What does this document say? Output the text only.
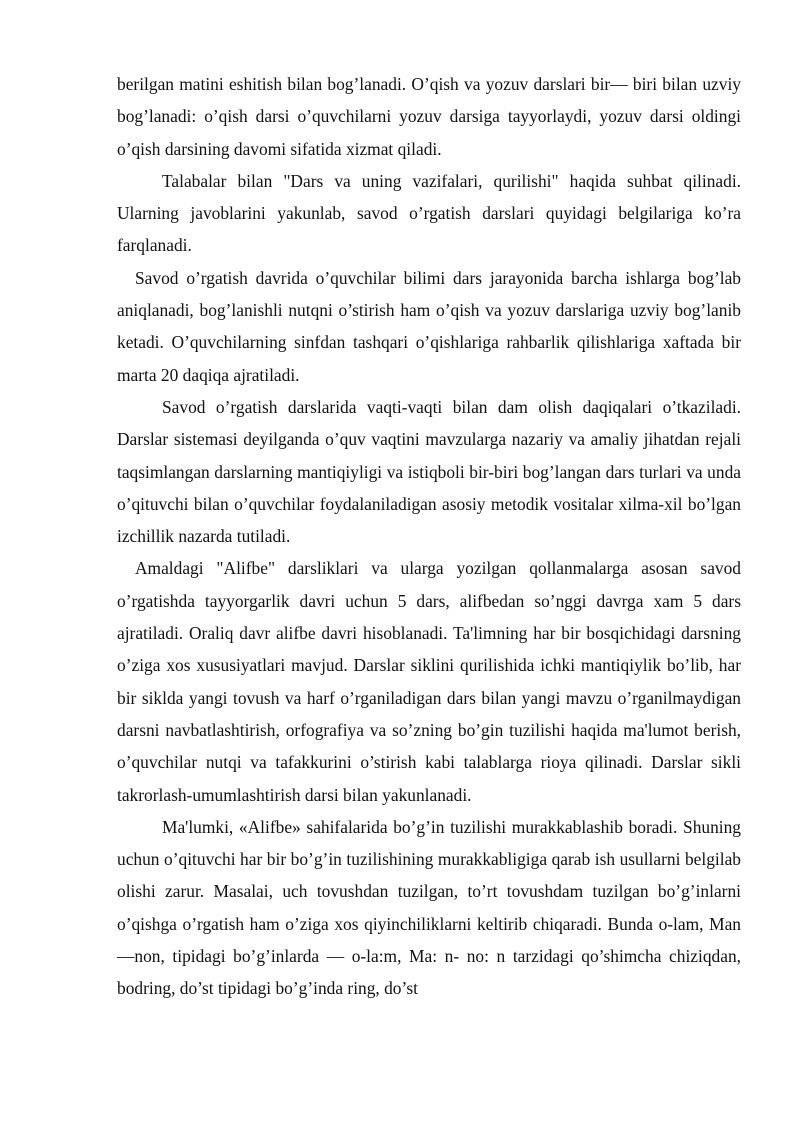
berilgan matini eshitish bilan bog’lanadi. O’qish va yozuv darslari bir— biri bilan uzviy bog’lanadi: o’qish darsi o’quvchilarni yozuv darsiga tayyorlaydi, yozuv darsi oldingi o’qish darsining davomi sifatida xizmat qiladi.

Talabalar bilan "Dars va uning vazifalari, qurilishi" haqida suhbat qilinadi. Ularning javoblarini yakunlab, savod o’rgatish darslari quyidagi belgilariga ko’ra farqlanadi.

Savod o’rgatish davrida o’quvchilar bilimi dars jarayonida barcha ishlarga bog’lab aniqlanadi, bog’lanishli nutqni o’stirish ham o’qish va yozuv darslariga uzviy bog’lanib ketadi. O’quvchilarning sinfdan tashqari o’qishlariga rahbarlik qilishlariga xaftada bir marta 20 daqiqa ajratiladi.

Savod o’rgatish darslarida vaqti-vaqti bilan dam olish daqiqalari o’tkaziladi. Darslar sistemasi deyilganda o’quv vaqtini mavzularga nazariy va amaliy jihatdan rejali taqsimlangan darslarning mantiqiyligi va istiqboli bir-biri bog’langan dars turlari va unda o’qituvchi bilan o’quvchilar foydalaniladigan asosiy metodik vositalar xilma-xil bo’lgan izchillik nazarda tutiladi.

Amaldagi "Alifbe" darsliklari va ularga yozilgan qollanmalarga asosan savod o’rgatishda tayyorgarlik davri uchun 5 dars, alifbedan so’nggi davrga xam 5 dars ajratiladi. Oraliq davr alifbe davri hisoblanadi. Ta'limning har bir bosqichidagi darsning o’ziga xos xususiyatlari mavjud. Darslar siklini qurilishida ichki mantiqiylik bo’lib, har bir siklda yangi tovush va harf o’rganiladigan dars bilan yangi mavzu o’rganilmaydigan darsni navbatlashtirish, orfografiya va so’zning bo’gin tuzilishi haqida ma'lumot berish, o’quvchilar nutqi va tafakkurini o’stirish kabi talablarga rioya qilinadi. Darslar sikli takrorlash-umumlashtirish darsi bilan yakunlanadi.

Ma'lumki, «Alifbe» sahifalarida bo’g’in tuzilishi murakkablashib boradi. Shuning uchun o’qituvchi har bir bo’g’in tuzilishining murakkabligiga qarab ish usullarni belgilab olishi zarur. Masalai, uch tovushdan tuzilgan, to’rt tovushdam tuzilgan bo’g’inlarni o’qishga o’rgatish ham o’ziga xos qiyinchiliklarni keltirib chiqaradi. Bunda o-lam, Man—non, tipidagi bo’g’inlarda — o-la:m, Ma: n- no: n tarzidagi qo’shimcha chiziqdan, bodring, do’st tipidagi bo’g’inda ring, do’st
